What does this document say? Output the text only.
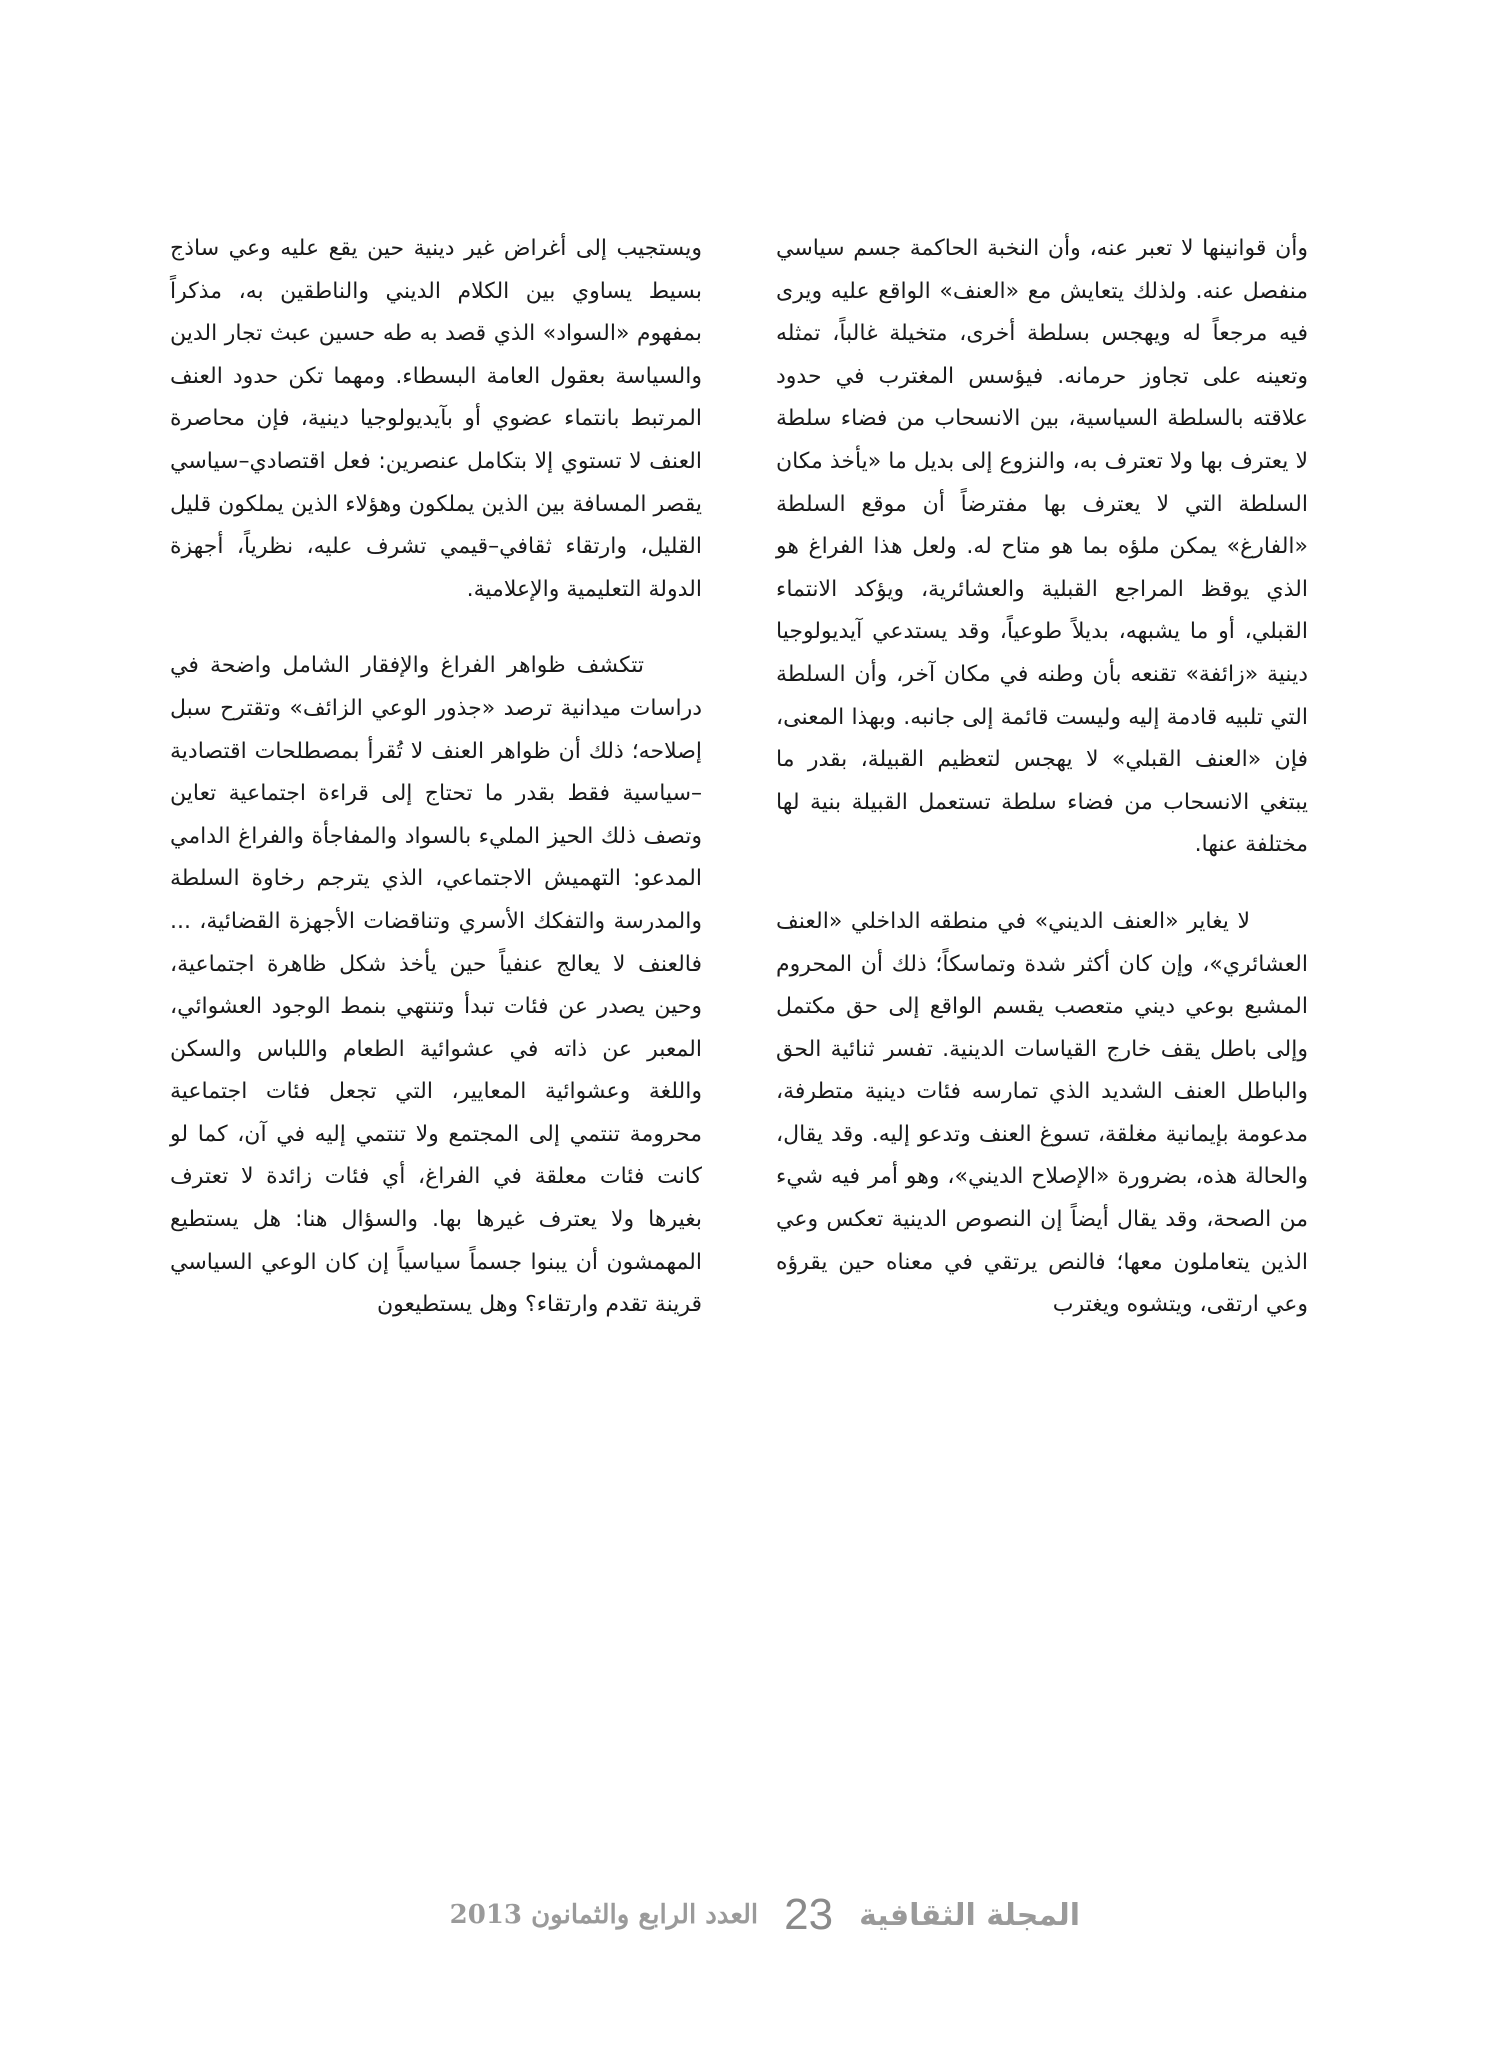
وأن قوانينها لا تعبر عنه، وأن النخبة الحاكمة جسم سياسي منفصل عنه. ولذلك يتعايش مع «العنف» الواقع عليه ويرى فيه مرجعاً له ويهجس بسلطة أخرى، متخيلة غالباً، تمثله وتعينه على تجاوز حرمانه. فيؤسس المغترب في حدود علاقته بالسلطة السياسية، بين الانسحاب من فضاء سلطة لا يعترف بها ولا تعترف به، والنزوع إلى بديل ما «يأخذ مكان السلطة التي لا يعترف بها مفترضاً أن موقع السلطة «الفارغ» يمكن ملؤه بما هو متاح له. ولعل هذا الفراغ هو الذي يوقظ المراجع القبلية والعشائرية، ويؤكد الانتماء القبلي، أو ما يشبهه، بديلاً طوعياً، وقد يستدعي آيديولوجيا دينية «زائفة» تقنعه بأن وطنه في مكان آخر، وأن السلطة التي تلبيه قادمة إليه وليست قائمة إلى جانبه. وبهذا المعنى، فإن «العنف القبلي» لا يهجس لتعظيم القبيلة، بقدر ما يبتغي الانسحاب من فضاء سلطة تستعمل القبيلة بنية لها مختلفة عنها.

لا يغاير «العنف الديني» في منطقه الداخلي «العنف العشائري»، وإن كان أكثر شدة وتماسكاً؛ ذلك أن المحروم المشبع بوعي ديني متعصب يقسم الواقع إلى حق مكتمل وإلى باطل يقف خارج القياسات الدينية. تفسر ثنائية الحق والباطل العنف الشديد الذي تمارسه فئات دينية متطرفة، مدعومة بإيمانية مغلقة، تسوغ العنف وتدعو إليه. وقد يقال، والحالة هذه، بضرورة «الإصلاح الديني»، وهو أمر فيه شيء من الصحة، وقد يقال أيضاً إن النصوص الدينية تعكس وعي الذين يتعاملون معها؛ فالنص يرتقي في معناه حين يقرؤه وعي ارتقى، ويتشوه ويغترب

ويستجيب إلى أغراض غير دينية حين يقع عليه وعي ساذج بسيط يساوي بين الكلام الديني والناطقين به، مذكراً بمفهوم «السواد» الذي قصد به طه حسين عبث تجار الدين والسياسة بعقول العامة البسطاء. ومهما تكن حدود العنف المرتبط بانتماء عضوي أو بآيديولوجيا دينية، فإن محاصرة العنف لا تستوي إلا بتكامل عنصرين: فعل اقتصادي–سياسي يقصر المسافة بين الذين يملكون وهؤلاء الذين يملكون قليل القليل، وارتقاء ثقافي–قيمي تشرف عليه، نظرياً، أجهزة الدولة التعليمية والإعلامية.

تتكشف ظواهر الفراغ والإفقار الشامل واضحة في دراسات ميدانية ترصد «جذور الوعي الزائف» وتقترح سبل إصلاحه؛ ذلك أن ظواهر العنف لا تُقرأ بمصطلحات اقتصادية –سياسية فقط بقدر ما تحتاج إلى قراءة اجتماعية تعاين وتصف ذلك الحيز المليء بالسواد والمفاجأة والفراغ الدامي المدعو: التهميش الاجتماعي، الذي يترجم رخاوة السلطة والمدرسة والتفكك الأسري وتناقضات الأجهزة القضائية، ... فالعنف لا يعالج عنفياً حين يأخذ شكل ظاهرة اجتماعية، وحين يصدر عن فئات تبدأ وتنتهي بنمط الوجود العشوائي، المعبر عن ذاته في عشوائية الطعام واللباس والسكن واللغة وعشوائية المعايير، التي تجعل فئات اجتماعية محرومة تنتمي إلى المجتمع ولا تنتمي إليه في آن، كما لو كانت فئات معلقة في الفراغ، أي فئات زائدة لا تعترف بغيرها ولا يعترف غيرها بها. والسؤال هنا: هل يستطيع المهمشون أن يبنوا جسماً سياسياً إن كان الوعي السياسي قرينة تقدم وارتقاء؟ وهل يستطيعون

المجلة الثقافية
23
العدد الرابع والثمانون 2013
